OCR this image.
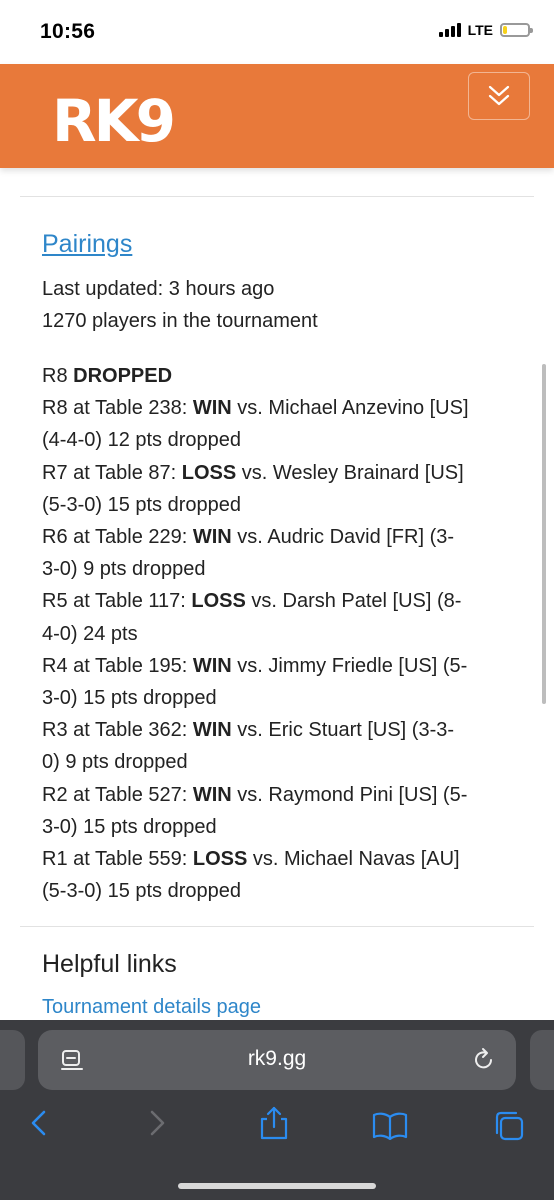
10:56	LTE
RK9
Pairings
Last updated: 3 hours ago
1270 players in the tournament
R8 DROPPED
R8 at Table 238: WIN vs. Michael Anzevino [US]
(4-4-0) 12 pts dropped
R7 at Table 87: LOSS vs. Wesley Brainard [US]
(5-3-0) 15 pts dropped
R6 at Table 229: WIN vs. Audric David [FR] (3-
3-0) 9 pts dropped
R5 at Table 117: LOSS vs. Darsh Patel [US] (8-
4-0) 24 pts
R4 at Table 195: WIN vs. Jimmy Friedle [US] (5-
3-0) 15 pts dropped
R3 at Table 362: WIN vs. Eric Stuart [US] (3-3-
0) 9 pts dropped
R2 at Table 527: WIN vs. Raymond Pini [US] (5-
3-0) 15 pts dropped
R1 at Table 559: LOSS vs. Michael Navas [AU]
(5-3-0) 15 pts dropped
Helpful links
Tournament details page
rk9.gg
